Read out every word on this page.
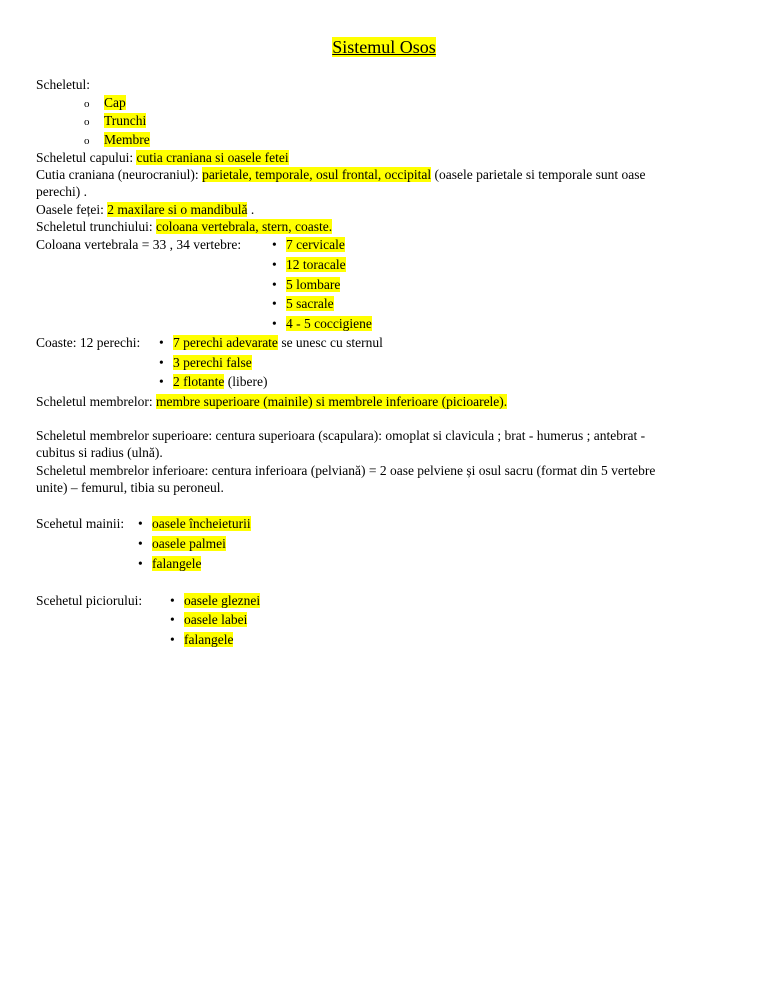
Sistemul Osos
Scheletul:
o Cap
o Trunchi
o Membre
Scheletul capului: cutia craniana si oasele fetei
Cutia craniana (neurocraniul): parietale, temporale, osul frontal, occipital (oasele parietale si temporale sunt oase
perechi) .
Oasele feței: 2 maxilare si o mandibulă .
Scheletul trunchiului: coloana vertebrala, stern, coaste.
Coloana vertebrala = 33 , 34 vertebre: • 7 cervicale
• 12 toracale
• 5 lombare
• 5 sacrale
• 4 - 5 coccigiene
Coaste: 12 perechi: • 7 perechi adevarate se unesc cu sternul
• 3 perechi false
• 2 flotante (libere)
Scheletul membrelor: membre superioare (mainile) si membrele inferioare (picioarele).
Scheletul membrelor superioare: centura superioara (scapulara): omoplat si clavicula ; brat - humerus ; antebrat -
cubitus si radius (ulnă).
Scheletul membrelor inferioare: centura inferioara (pelviană) = 2 oase pelviene și osul sacru (format din 5 vertebre
unite) – femurul, tibia su peroneul.
Scehetul mainii: • oasele încheieturii
• oasele palmei
• falangele
Scehetul piciorului: • oasele gleznei
• oasele labei
• falangele
